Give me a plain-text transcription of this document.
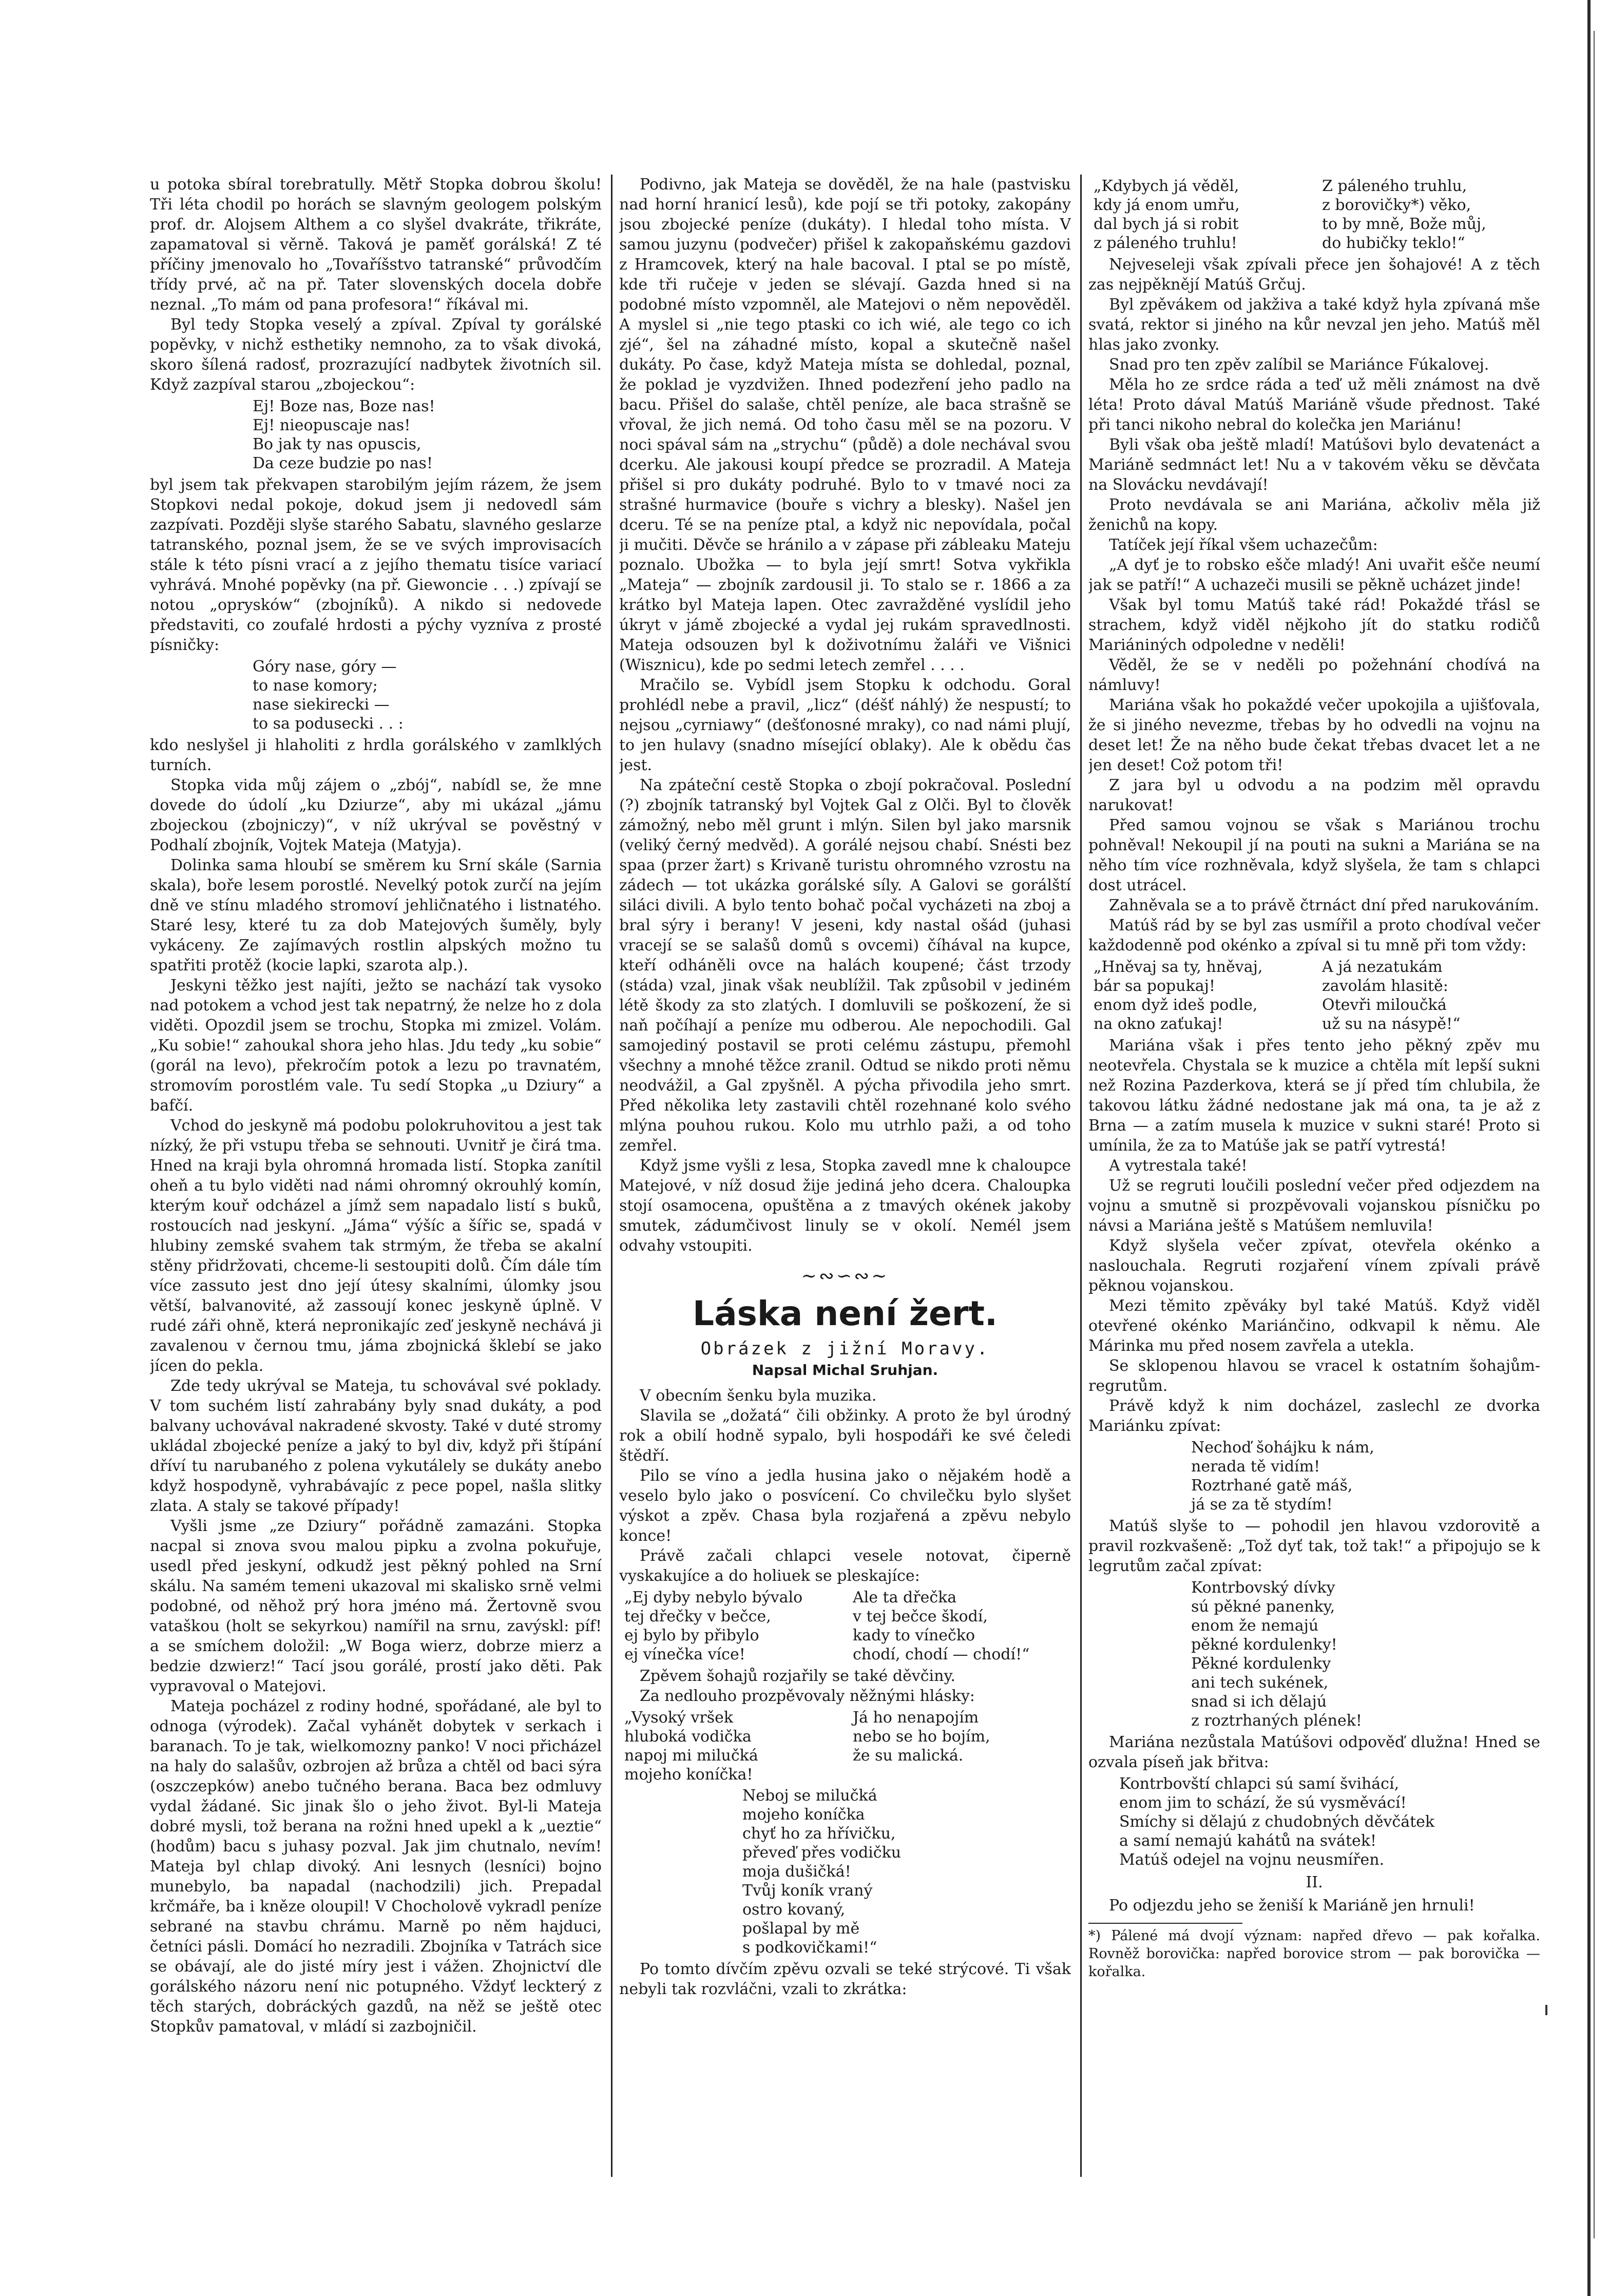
u potoka sbíral torebratully. Mětř Stopka dobrou školu! Tři léta chodil po horách se slavným geologem polským prof. dr. Alojsem Althem a co slyšel dvakráte, třikráte, zapamatoval si věrně. Taková je paměť gorálská! Z té příčiny jmenovalo ho „Tovaříšstvo tatranské“ průvodčím třídy prvé, ač na př. Tater slovenských docela dobře neznal. „To mám od pana profesora!“ říkával mi.

Byl tedy Stopka veselý a zpíval. Zpíval ty gorálské popěvky, v nichž esthetiky nemnoho, za to však divoká, skoro šílená radosť, prozrazující nadbytek životních sil. Když zazpíval starou „zbojeckou“:

Ej! Boze nas, Boze nas!
Ej! nieopuscaje nas!
Bo jak ty nas opuscis,
Da ceze budzie po nas!

byl jsem tak překvapen starobilým jejím rázem, že jsem Stopkovi nedal pokoje, dokud jsem ji nedovedl sám zazpívati. Později slyše starého Sabatu, slavného geslarze tatranského, poznal jsem, že se ve svých improvisacích stále k této písni vrací a z jejího thematu tisíce variací vyhrává. Mnohé popěvky (na př. Giewoncie . . .) zpívají se notou „oprysków“ (zbojníků). A nikdo si nedovede představiti, co zoufalé hrdosti a pýchy vyzníva z prosté písničky:

Góry nase, góry —
to nase komory;
nase siekirecki —
to sa podusecki . . :

kdo neslyšel ji hlaholiti z hrdla gorálského v zamlklých turních.

Stopka vida můj zájem o „zbój“, nabídl se, že mne dovede do údolí „ku Dziurze“, aby mi ukázal „jámu zbojeckou (zbojniczy)“, v níž ukrýval se pověstný v Podhalí zbojník, Vojtek Mateja (Matyja).

Dolinka sama hloubí se směrem ku Srní skále (Sarnia skala), boře lesem porostlé. Nevelký potok zurčí na jejím dně ve stínu mladého stromoví jehličnatého i listnatého. Staré lesy, které tu za dob Matejových šuměly, byly vykáceny. Ze zajímavých rostlin alpských možno tu spatřiti protěž (kocie lapki, szarota alp.).

Jeskyni těžko jest najíti, ježto se nachází tak vysoko nad potokem a vchod jest tak nepatrný, že nelze ho z dola viděti. Opozdil jsem se trochu, Stopka mi zmizel. Volám. „Ku sobie!“ zahoukal shora jeho hlas. Jdu tedy „ku sobie“ (gorál na levo), překročím potok a lezu po travnatém, stromovím porostlém vale. Tu sedí Stopka „u Dziury“ a bafčí.

Vchod do jeskyně má podobu polokruhovitou a jest tak nízký, že při vstupu třeba se sehnouti. Uvnitř je čirá tma. Hned na kraji byla ohromná hromada listí. Stopka zanítil oheň a tu bylo viděti nad námi ohromný okrouhlý komín, kterým kouř odcházel a jímž sem napadalo listí s buků, rostoucích nad jeskyní. „Jáma“ výšíc a šířic se, spadá v hlubiny zemské svahem tak strmým, že třeba se akalní stěny přidržovati, chceme-li sestoupiti dolů. Čím dále tím více zassuto jest dno její útesy skalními, úlomky jsou větší, balvanovité, až zassoují konec jeskyně úplně. V rudé záři ohně, která nepronikajíc zeď jeskyně nechává ji zavalenou v černou tmu, jáma zbojnická šklebí se jako jícen do pekla.

Zde tedy ukrýval se Mateja, tu schovával své poklady. V tom suchém listí zahrabány byly snad dukáty, a pod balvany uchovával nakradené skvosty. Také v duté stromy ukládal zbojecké peníze a jaký to byl div, když při štípání dříví tu narubaného z polena vykutálely se dukáty anebo když hospodyně, vyhrabávajíc z pece popel, našla slitky zlata. A staly se takové případy!

Vyšli jsme „ze Dziury“ pořádně zamazáni. Stopka nacpal si znova svou malou pipku a zvolna pokuřuje, usedl před jeskyní, odkudž jest pěkný pohled na Srní skálu. Na samém temeni ukazoval mi skalisko srně velmi podobné, od něhož prý hora jméno má. Žertovně svou vataškou (holt se sekyrkou) namířil na srnu, zavýskl: píf! a se smíchem doložil: „W Boga wierz, dobrze mierz a bedzie dzwierz!“ Tací jsou gorálé, prostí jako děti. Pak vypravoval o Matejovi.

Mateja pocházel z rodiny hodné, spořádané, ale byl to odnoga (výrodek). Začal vyhánět dobytek v serkach i baranach. To je tak, wielkomozny panko! V noci přicházel na haly do salašův, ozbrojen až brůza a chtěl od baci sýra (oszczepków) anebo tučného berana. Baca bez odmluvy vydal žádané. Sic jinak šlo o jeho život. Byl-li Mateja dobré mysli, tož berana na rožni hned upekl a k „ueztie“ (hodům) bacu s juhasy pozval. Jak jim chutnalo, nevím! Mateja byl chlap divoký. Ani lesnych (lesníci) bojno munebylo, ba napadal (nachodzili) jich. Prepadal krčmáře, ba i kněze oloupil! V Chocholově vykradl peníze sebrané na stavbu chrámu. Marně po něm hajduci, četníci pásli. Domácí ho nezradili. Zbojníka v Tatrách sice se obávají, ale do jisté míry jest i vážen. Zhojnictví dle gorálského názoru není nic potupného. Vždyť leckterý z těch starých, dobráckých gazdů, na něž se ještě otec Stopkův pamatoval, v mládí si zazbojničil.

Podivno, jak Mateja se dověděl, že na hale (pastvisku nad horní hranicí lesů), kde pojí se tři potoky, zakopány jsou zbojecké peníze (dukáty). I hledal toho místa. V samou juzynu (podvečer) přišel k zakopaňskému gazdovi z Hramcovek, který na hale bacoval. I ptal se po místě, kde tři ručeje v jeden se slévají. Gazda hned si na podobné místo vzpomněl, ale Matejovi o něm nepověděl. A myslel si „nie tego ptaski co ich wié, ale tego co ich zjé“, šel na záhadné místo, kopal a skutečně našel dukáty. Po čase, když Mateja místa se dohledal, poznal, že poklad je vyzdvižen. Ihned podezření jeho padlo na bacu. Přišel do salaše, chtěl peníze, ale baca strašně se vřoval, že jich nemá. Od toho času měl se na pozoru. V noci spával sám na „strychu“ (půdě) a dole nechával svou dcerku. Ale jakousi koupí předce se prozradil. A Mateja přišel si pro dukáty podruhé. Bylo to v tmavé noci za strašné hurmavice (bouře s vichry a blesky). Našel jen dceru. Té se na peníze ptal, a když nic nepovídala, počal ji mučiti. Děvče se hránilo a v zápase při zábleaku Mateju poznalo. Ubožka — to byla její smrt! Sotva vykřikla „Mateja“ — zbojník zardousil ji. To stalo se r. 1866 a za krátko byl Mateja lapen. Otec zavražděné vyslídil jeho úkryt v jámě zbojecké a vydal jej rukám spravedlnosti. Mateja odsouzen byl k doživotnímu žaláři ve Višnici (Wisznicu), kde po sedmi letech zemřel . . . .

Mračilo se. Vybídl jsem Stopku k odchodu. Goral prohlédl nebe a pravil, „licz“ (déšť náhlý) že nespustí; to nejsou „cyrniawy“ (dešťonosné mraky), co nad námi plují, to jen hulavy (snadno mísející oblaky). Ale k obědu čas jest.

Na zpáteční cestě Stopka o zbojí pokračoval. Poslední (?) zbojník tatranský byl Vojtek Gal z Olči. Byl to člověk zámožný, nebo měl grunt i mlýn. Silen byl jako marsnik (veliký černý medvěd). A gorálé nejsou chabí. Snésti bez spaa (przer žart) s Krivaně turistu ohromného vzrostu na zádech — tot ukázka gorálské síly. A Galovi se gorálští siláci divili. A bylo tento bohač počal vycházeti na zboj a bral sýry i berany! V jeseni, kdy nastal ošád (juhasi vracejí se se salašů domů s ovcemi) číhával na kupce, kteří odháněli ovce na halách koupené; část trzody (stáda) vzal, jinak však neublížil. Tak způsobil v jediném létě škody za sto zlatých. I domluvili se poškození, že si naň počíhají a peníze mu odberou. Ale nepochodili. Gal samojediný postavil se proti celému zástupu, přemohl všechny a mnohé těžce zranil. Odtud se nikdo proti němu neodvážil, a Gal zpyšněl. A pýcha přivodila jeho smrt. Před několika lety zastavili chtěl rozehnané kolo svého mlýna pouhou rukou. Kolo mu utrhlo paži, a od toho zemřel.

Když jsme vyšli z lesa, Stopka zavedl mne k chaloupce Matejové, v níž dosud žije jediná jeho dcera. Chaloupka stojí osamocena, opuštěna a z tmavých okének jakoby smutek, zádumčivost linuly se v okolí. Nemél jsem odvahy vstoupiti.

~∾∽∾~
Láska není žert.
Obrázek z jižní Moravy.
Napsal Michal Sruhjan.

V obecním šenku byla muzika.

Slavila se „dožatá“ čili obžinky. A proto že byl úrodný rok a obilí hodně sypalo, byli hospodáři ke své čeledi štědří.

Pilo se víno a jedla husina jako o nějakém hodě a veselo bylo jako o posvícení. Co chvilečku bylo slyšet výskot a zpěv. Chasa byla rozjařená a zpěvu nebylo konce!

Právě začali chlapci vesele notovat, čiperně vyskakujíce a do holiuek se pleskajíce:

„Ej dyby nebylo bývalo	Ale ta dřečka
tej dřečky v bečce,	v tej bečce škodí,
ej bylo by přibylo	kady to vínečko
ej vínečka více!	chodí, chodí — chodí!“

Zpěvem šohajů rozjařily se také děvčiny.

Za nedlouho prozpěvovaly něžnými hlásky:

„Vysoký vršek	Já ho nenapojím
hluboká vodička	nebo se ho bojím,
napoj mi milučká	že su malická.
mojeho koníčka!
Neboj se milučká
mojeho koníčka
chyť ho za hřívičku,
převeď přes vodičku
moja dušičká!
Tvůj koník vraný
ostro kovaný,
pošlapal by mě
s podkovičkami!“

Po tomto dívčím zpěvu ozvali se teké strýcové. Ti však nebyli tak rozvláčni, vzali to zkrátka:

„Kdybych já věděl,	Z páleného truhlu,
kdy já enom umřu,	z borovičky*) věko,
dal bych já si robit	to by mně, Bože můj,
z páleného truhlu!	do hubičky teklo!“

Nejveseleji však zpívali přece jen šohajové! A z těch zas nejpěknějí Matúš Grčuj.

Byl zpěvákem od jakživa a také když hyla zpívaná mše svatá, rektor si jiného na kůr nevzal jen jeho. Matúš měl hlas jako zvonky.

Snad pro ten zpěv zalíbil se Mariánce Fúkalovej.

Měla ho ze srdce ráda a teď už měli známost na dvě léta! Proto dával Matúš Mariáně všude přednost. Také při tanci nikoho nebral do kolečka jen Mariánu!

Byli však oba ještě mladí! Matúšovi bylo devatenáct a Mariáně sedmnáct let! Nu a v takovém věku se děvčata na Slovácku nevdávají!

Proto nevdávala se ani Mariána, ačkoliv měla již ženichů na kopy.

Tatíček její říkal všem uchazečům:

„A dyť je to robsko ešče mladý! Ani uvařit ešče neumí jak se patří!“ A uchazeči musili se pěkně ucházet jinde!

Však byl tomu Matúš také rád! Pokaždé třásl se strachem, když viděl nějkoho jít do statku rodičů Mariániných odpoledne v neděli!

Věděl, že se v neděli po požehnání chodívá na námluvy!

Mariána však ho pokaždé večer upokojila a ujišťovala, že si jiného nevezme, třebas by ho odvedli na vojnu na deset let! Že na něho bude čekat třebas dvacet let a ne jen deset! Což potom tři!

Z jara byl u odvodu a na podzim měl opravdu narukovat!

Před samou vojnou se však s Mariánou trochu pohněval! Nekoupil jí na pouti na sukni a Mariána se na něho tím více rozhněvala, když slyšela, že tam s chlapci dost utrácel.

Zahněvala se a to právě čtrnáct dní před narukováním.

Matúš rád by se byl zas usmířil a proto chodíval večer každodenně pod okénko a zpíval si tu mně při tom vždy:

„Hněvaj sa ty, hněvaj,	A já nezatukám
bár sa popukaj!	zavolám hlasitě:
enom dyž ideš podle,	Otevři miloučká
na okno zaťukaj!	už su na násypě!“

Mariána však i přes tento jeho pěkný zpěv mu neotevřela. Chystala se k muzice a chtěla mít lepší sukni než Rozina Pazderkova, která se jí před tím chlubila, že takovou látku žádné nedostane jak má ona, ta je až z Brna — a zatím musela k muzice v sukni staré! Proto si umínila, že za to Matúše jak se patří vytrestá!

A vytrestala také!

Už se regruti loučili poslední večer před odjezdem na vojnu a smutně si prozpěvovali vojanskou písničku po návsi a Mariána ještě s Matúšem nemluvila!

Když slyšela večer zpívat, otevřela okénko a naslouchala. Regruti rozjaření vínem zpívali právě pěknou vojanskou.

Mezi těmito zpěváky byl také Matúš. Když viděl otevřené okénko Mariánčino, odkvapil k němu. Ale Márinka mu před nosem zavřela a utekla.

Se sklopenou hlavou se vracel k ostatním šohajům-regrutům.

Právě když k nim docházel, zaslechl ze dvorka Mariánku zpívat:

Nechoď šohájku k nám,
nerada tě vidím!
Roztrhané gatě máš,
já se za tě stydím!

Matúš slyše to — pohodil jen hlavou vzdorovitě a pravil rozkvašeně: „Tož dyť tak, tož tak!“ a připojujo se k legrutům začal zpívat:

Kontrbovský dívky
sú pěkné panenky,
enom že nemajú
pěkné kordulenky!
Pěkné kordulenky
ani tech sukének,
snad si ich dělajú
z roztrhaných plének!

Mariána nezůstala Matúšovi odpověď dlužna! Hned se ozvala píseň jak břitva:

Kontrbovští chlapci sú samí švihácí,
enom jim to schází, že sú vysměvácí!
Smíchy si dělajú z chudobných děvčátek
a samí nemajú kahátů na svátek!
Matúš odejel na vojnu neusmířen.
II.

Po odjezdu jeho se ženiší k Mariáně jen hrnuli!

*) Pálené má dvojí význam: napřed dřevo — pak kořalka. Rovněž borovička: napřed borovice strom — pak borovička — kořalka.
